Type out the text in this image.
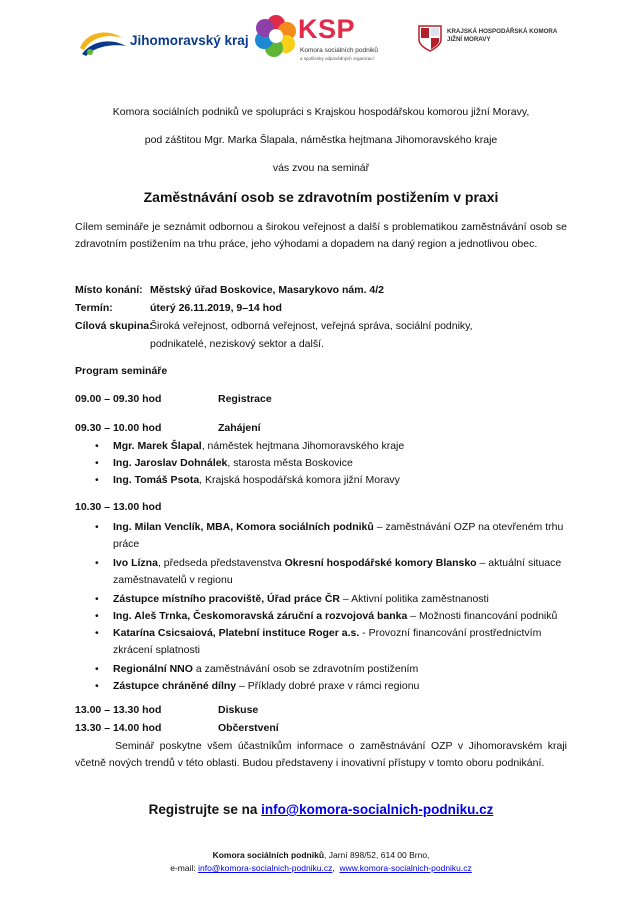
Jihomoravský kraj KSP
Komora sociálních podniků
a spolčenky odpovědných organizací
KRAJSKÁ HOSPODÁŘSKÁ KOMORA
JIŽNÍ MORAVY
Komora sociálních podniků ve spolupráci s Krajskou hospodářskou komorou jižní Moravy,
pod záštitou Mgr. Marka Šlapala, náměstka hejtmana Jihomoravského kraje
vás zvou na seminář
Zaměstnávání osob se zdravotním postižením v praxi
Cílem semináře je seznámit odbornou a širokou veřejnost a další s problematikou zaměstnávání osob se zdravotním postižením na trhu práce, jeho výhodami a dopadem na daný region a jednotlivou obec.
Místo konání: Městský úřad Boskovice, Masarykovo nám. 4/2
Termín:	úterý 26.11.2019, 9–14 hod
Cílová skupina:
Široká veřejnost, odborná veřejnost, veřejná správa, sociální podniky,
podnikatelé, neziskový sektor a další.
Program semináře
09.00 – 09.30 hod	Registrace
09.30 – 10.00 hod	Zahájení
• Mgr. Marek Šlapal, náměstek hejtmana Jihomoravského kraje
• Ing. Jaroslav Dohnálek, starosta města Boskovice
• Ing. Tomáš Psota, Krajská hospodářská komora jižní Moravy
10.30 – 13.00 hod
• Ing. Milan Venclík, MBA, Komora sociálních podniků – zaměstnávání OZP na otevřeném trhu práce
• Ivo Lízna, předseda představenstva Okresní hospodářské komory Blansko – aktuální situace zaměstnavatelů v regionu
• Zástupce místního pracoviště, Úřad práce ČR – Aktivní politika zaměstnanosti
• Ing. Aleš Trnka, Českomoravská záruční a rozvojová banka – Možnosti financování podniků
• Katarína Csicsaiová, Platební instituce Roger a.s. - Provozní financování prostřednictvím zkrácení splatnosti
• Regionální NNO a zaměstnávání osob se zdravotním postižením
• Zástupce chráněné dílny – Příklady dobré praxe v rámci regionu
13.00 – 13.30 hod	Diskuse
13.30 – 14.00 hod	Občerstvení
Seminář poskytne všem účastníkům informace o zaměstnávání OZP v Jihomoravském kraji včetně nových trendů v této oblasti. Budou představeny i inovativní přístupy v tomto oboru podnikání.
Registrujte se na info@komora-socialnich-podniku.cz
Komora sociálních podniků, Jarní 898/52, 614 00 Brno,
e-mail: info@komora-socialnich-podniku.cz,  www.komora-socialnich-podniku.cz
